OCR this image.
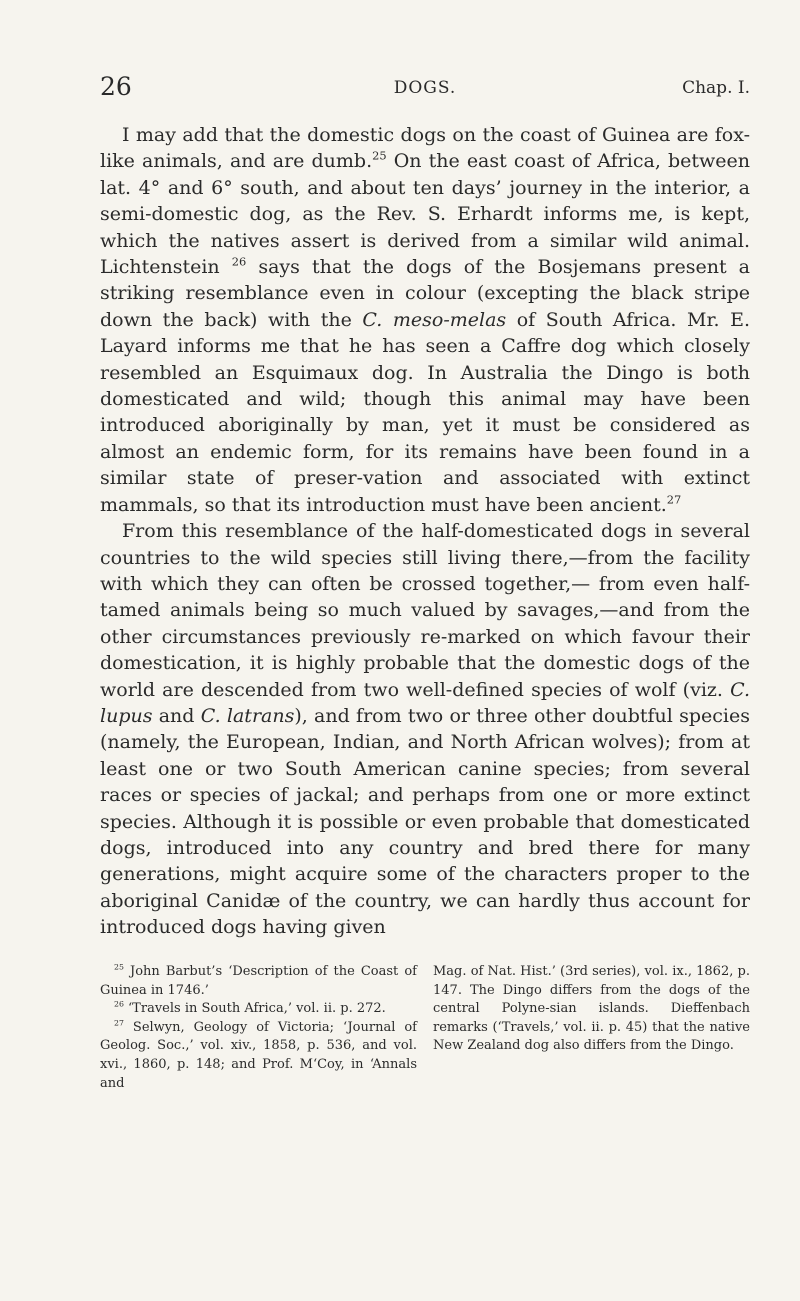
26	DOGS.	Chap. I.

I may add that the domestic dogs on the coast of Guinea are fox-like animals, and are dumb.$^{25}$ On the east coast of Africa, between lat. 4° and 6° south, and about ten days’ journey in the interior, a semi-domestic dog, as the Rev. S. Erhardt informs me, is kept, which the natives assert is derived from a similar wild animal. Lichtenstein $^{26}$ says that the dogs of the Bosjemans present a striking resemblance even in colour (excepting the black stripe down the back) with the C. meso-melas of South Africa. Mr. E. Layard informs me that he has seen a Caffre dog which closely resembled an Esquimaux dog. In Australia the Dingo is both domesticated and wild; though this animal may have been introduced aboriginally by man, yet it must be considered as almost an endemic form, for its remains have been found in a similar state of preser-vation and associated with extinct mammals, so that its introduction must have been ancient.$^{27}$

From this resemblance of the half-domesticated dogs in several countries to the wild species still living there,—from the facility with which they can often be crossed together,— from even half-tamed animals being so much valued by savages,—and from the other circumstances previously re-marked on which favour their domestication, it is highly probable that the domestic dogs of the world are descended from two well-defined species of wolf (viz. C. lupus and C. latrans), and from two or three other doubtful species (namely, the European, Indian, and North African wolves); from at least one or two South American canine species; from several races or species of jackal; and perhaps from one or more extinct species. Although it is possible or even probable that domesticated dogs, introduced into any country and bred there for many generations, might acquire some of the characters proper to the aboriginal Canidæ of the country, we can hardly thus account for introduced dogs having given

$^{25}$ John Barbut’s ‘Description of the Coast of Guinea in 1746.’

$^{26}$ ‘Travels in South Africa,’ vol. ii. p. 272.

$^{27}$ Selwyn, Geology of Victoria; ‘Journal of Geolog. Soc.,’ vol. xiv., 1858, p. 536, and vol. xvi., 1860, p. 148; and Prof. M‘Coy, in ‘Annals and

Mag. of Nat. Hist.’ (3rd series), vol. ix., 1862, p. 147. The Dingo differs from the dogs of the central Polyne-sian islands. Dieffenbach remarks (‘Travels,’ vol. ii. p. 45) that the native New Zealand dog also differs from the Dingo.
